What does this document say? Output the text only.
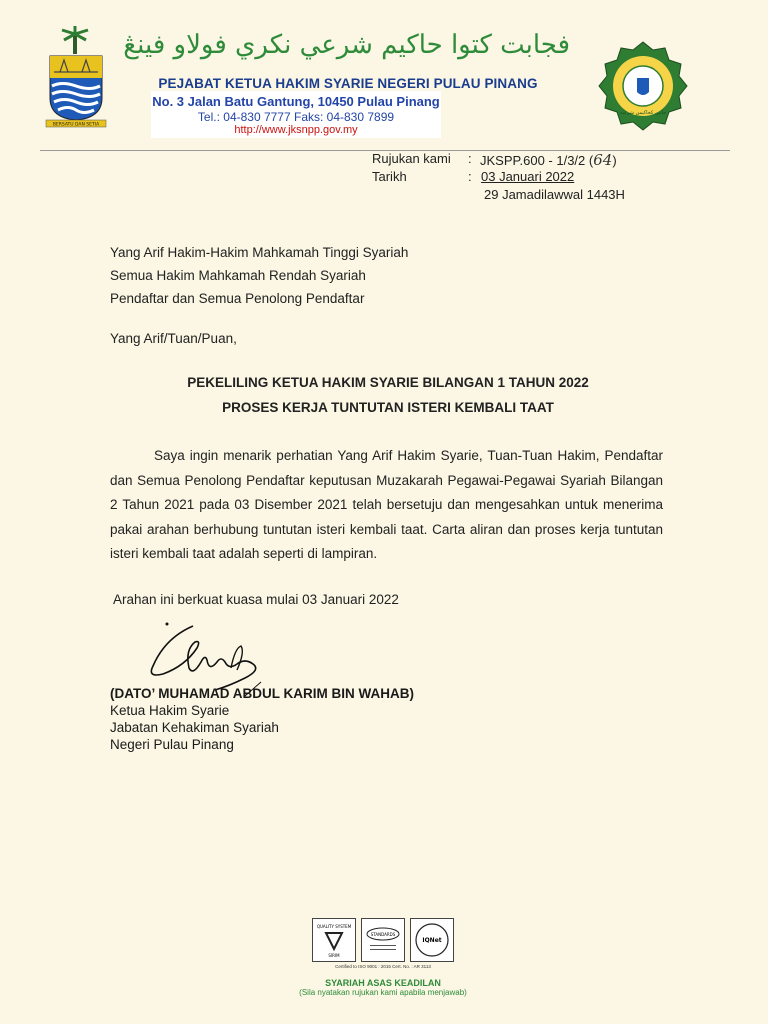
BERSATU DAN SETIA
فجابت كتوا حاكيم شرعي نكري فولاو فينڠ
PEJABAT KETUA HAKIM SYARIE NEGERI PULAU PINANG
No. 3 Jalan Batu Gantung, 10450 Pulau Pinang
Tel.: 04-830 7777 Faks: 04-830 7899
http://www.jksnpp.gov.my
جابتن كحاكيمن شرعيه
Rujukan kami : JKSPP.600 - 1/3/2 (64)
Tarikh	: 03 Januari 2022
29 Jamadilawwal 1443H
Yang Arif Hakim-Hakim Mahkamah Tinggi Syariah
Semua Hakim Mahkamah Rendah Syariah
Pendaftar dan Semua Penolong Pendaftar
Yang Arif/Tuan/Puan,
PEKELILING KETUA HAKIM SYARIE BILANGAN 1 TAHUN 2022
PROSES KERJA TUNTUTAN ISTERI KEMBALI TAAT
Saya ingin menarik perhatian Yang Arif Hakim Syarie, Tuan-Tuan Hakim, Pendaftar dan Semua Penolong Pendaftar keputusan Muzakarah Pegawai-Pegawai Syariah Bilangan 2 Tahun 2021 pada 03 Disember 2021 telah bersetuju dan mengesahkan untuk menerima pakai arahan berhubung tuntutan isteri kembali taat. Carta aliran dan proses kerja tuntutan isteri kembali taat adalah seperti di lampiran.
Arahan ini berkuat kuasa mulai 03 Januari 2022
(DATO’ MUHAMAD ABDUL KARIM BIN WAHAB)
Ketua Hakim Syarie
Jabatan Kehakiman Syariah
Negeri Pulau Pinang
QUALITY SYSTEM
SIRIM
STANDARDS
IQNet
Certified to ISO 9001 : 2015 Cert. No. : AR 3113
SYARIAH ASAS KEADILAN
(Sila nyatakan rujukan kami apabila menjawab)
